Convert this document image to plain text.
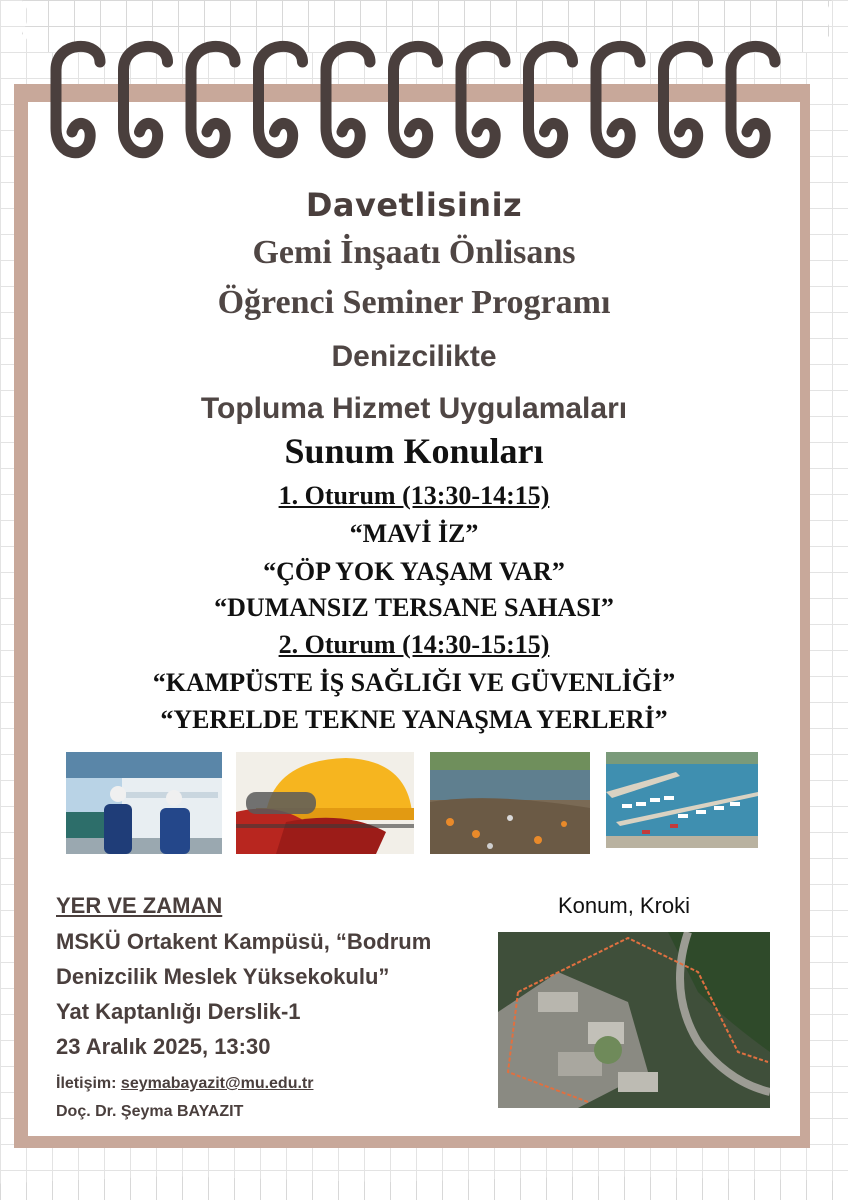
Davetlisiniz
Gemi İnşaatı Önlisans
Öğrenci Seminer Programı
Denizcilikte
Topluma Hizmet Uygulamaları
Sunum Konuları
1. Oturum (13:30-14:15)
“MAVİ İZ”
“ÇÖP YOK YAŞAM VAR”
“DUMANSIZ TERSANE SAHASI”
2. Oturum (14:30-15:15)
“KAMPÜSTE İŞ SAĞLIĞI VE GÜVENLİĞİ”
“YERELDE TEKNE YANAŞMA YERLERİ”
YER VE ZAMAN
MSKÜ Ortakent Kampüsü, “Bodrum
Denizcilik Meslek Yüksekokulu”
Yat Kaptanlığı Derslik-1
23 Aralık 2025, 13:30
İletişim: seymabayazit@mu.edu.tr
Doç. Dr. Şeyma BAYAZIT
Konum, Kroki
